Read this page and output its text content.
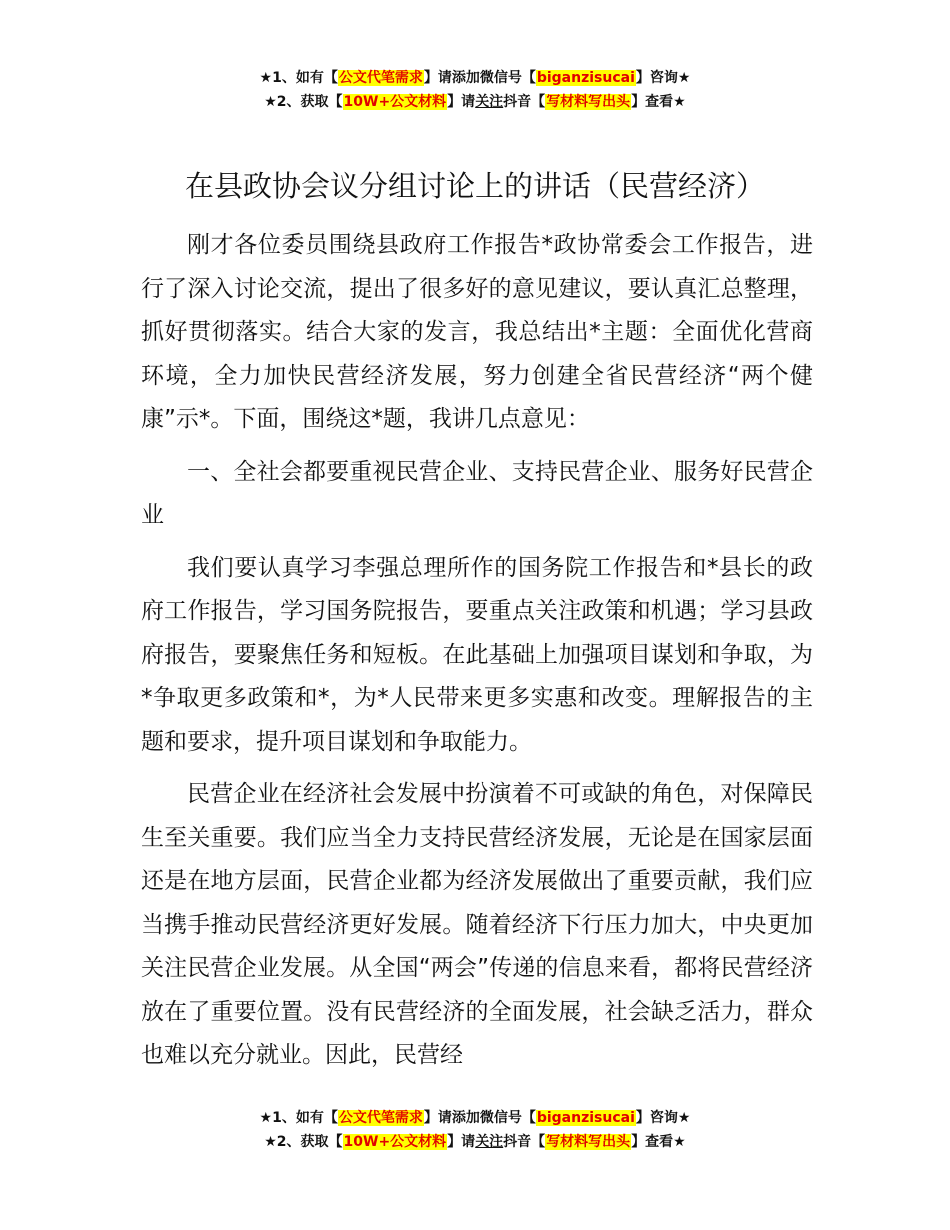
★1、如有【公文代笔需求】请添加微信号【biganzisucai】咨询★
★2、获取【10W+公文材料】请关注抖音【写材料写出头】查看★
在县政协会议分组讨论上的讲话（民营经济）

刚才各位委员围绕县政府工作报告*政协常委会工作报告，进行了深入讨论交流，提出了很多好的意见建议，要认真汇总整理，抓好贯彻落实。结合大家的发言，我总结出*主题：全面优化营商环境，全力加快民营经济发展，努力创建全省民营经济“两个健康”示*。下面，围绕这*题，我讲几点意见：

一、全社会都要重视民营企业、支持民营企业、服务好民营企业

我们要认真学习李强总理所作的国务院工作报告和*县长的政府工作报告，学习国务院报告，要重点关注政策和机遇；学习县政府报告，要聚焦任务和短板。在此基础上加强项目谋划和争取，为*争取更多政策和*，为*人民带来更多实惠和改变。理解报告的主题和要求，提升项目谋划和争取能力。

民营企业在经济社会发展中扮演着不可或缺的角色，对保障民生至关重要。我们应当全力支持民营经济发展，无论是在国家层面还是在地方层面，民营企业都为经济发展做出了重要贡献，我们应当携手推动民营经济更好发展。随着经济下行压力加大，中央更加关注民营企业发展。从全国“两会”传递的信息来看，都将民营经济放在了重要位置。没有民营经济的全面发展，社会缺乏活力，群众也难以充分就业。因此，民营经

★1、如有【公文代笔需求】请添加微信号【biganzisucai】咨询★
★2、获取【10W+公文材料】请关注抖音【写材料写出头】查看★
